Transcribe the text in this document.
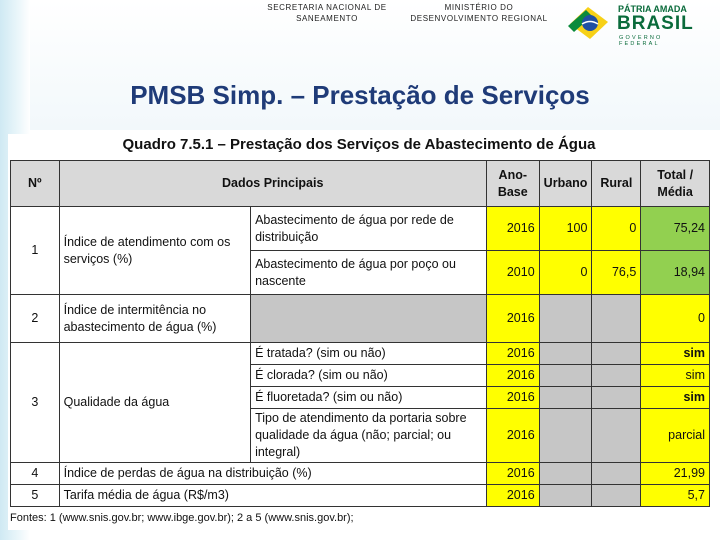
SECRETARIA NACIONAL DE
SANEAMENTO
MINISTÉRIO DO
DESENVOLVIMENTO REGIONAL
PÁTRIA AMADA
BRASIL
GOVERNO FEDERAL
PMSB Simp. – Prestação de Serviços
Quadro 7.5.1 – Prestação dos Serviços de Abastecimento de Água
Nº	Dados Principais		Ano-Base	Urbano	Rural	Total / Média
1	Índice de atendimento com os serviços (%)	Abastecimento de água por rede de distribuição	2016	100	0	75,24
		Abastecimento de água por poço ou nascente	2010	0	76,5	18,94
2	Índice de intermitência no abastecimento de água (%)		2016			0
3	Qualidade da água	É tratada? (sim ou não)	2016			sim
		É clorada? (sim ou não)	2016			sim
		É fluoretada? (sim ou não)	2016			sim
		Tipo de atendimento da portaria sobre qualidade da água (não; parcial; ou integral)	2016			parcial
4	Índice de perdas de água na distribuição (%)		2016			21,99
5	Tarifa média de água (R$/m3)		2016			5,7
Fontes: 1 (www.snis.gov.br; www.ibge.gov.br); 2 a 5 (www.snis.gov.br);
